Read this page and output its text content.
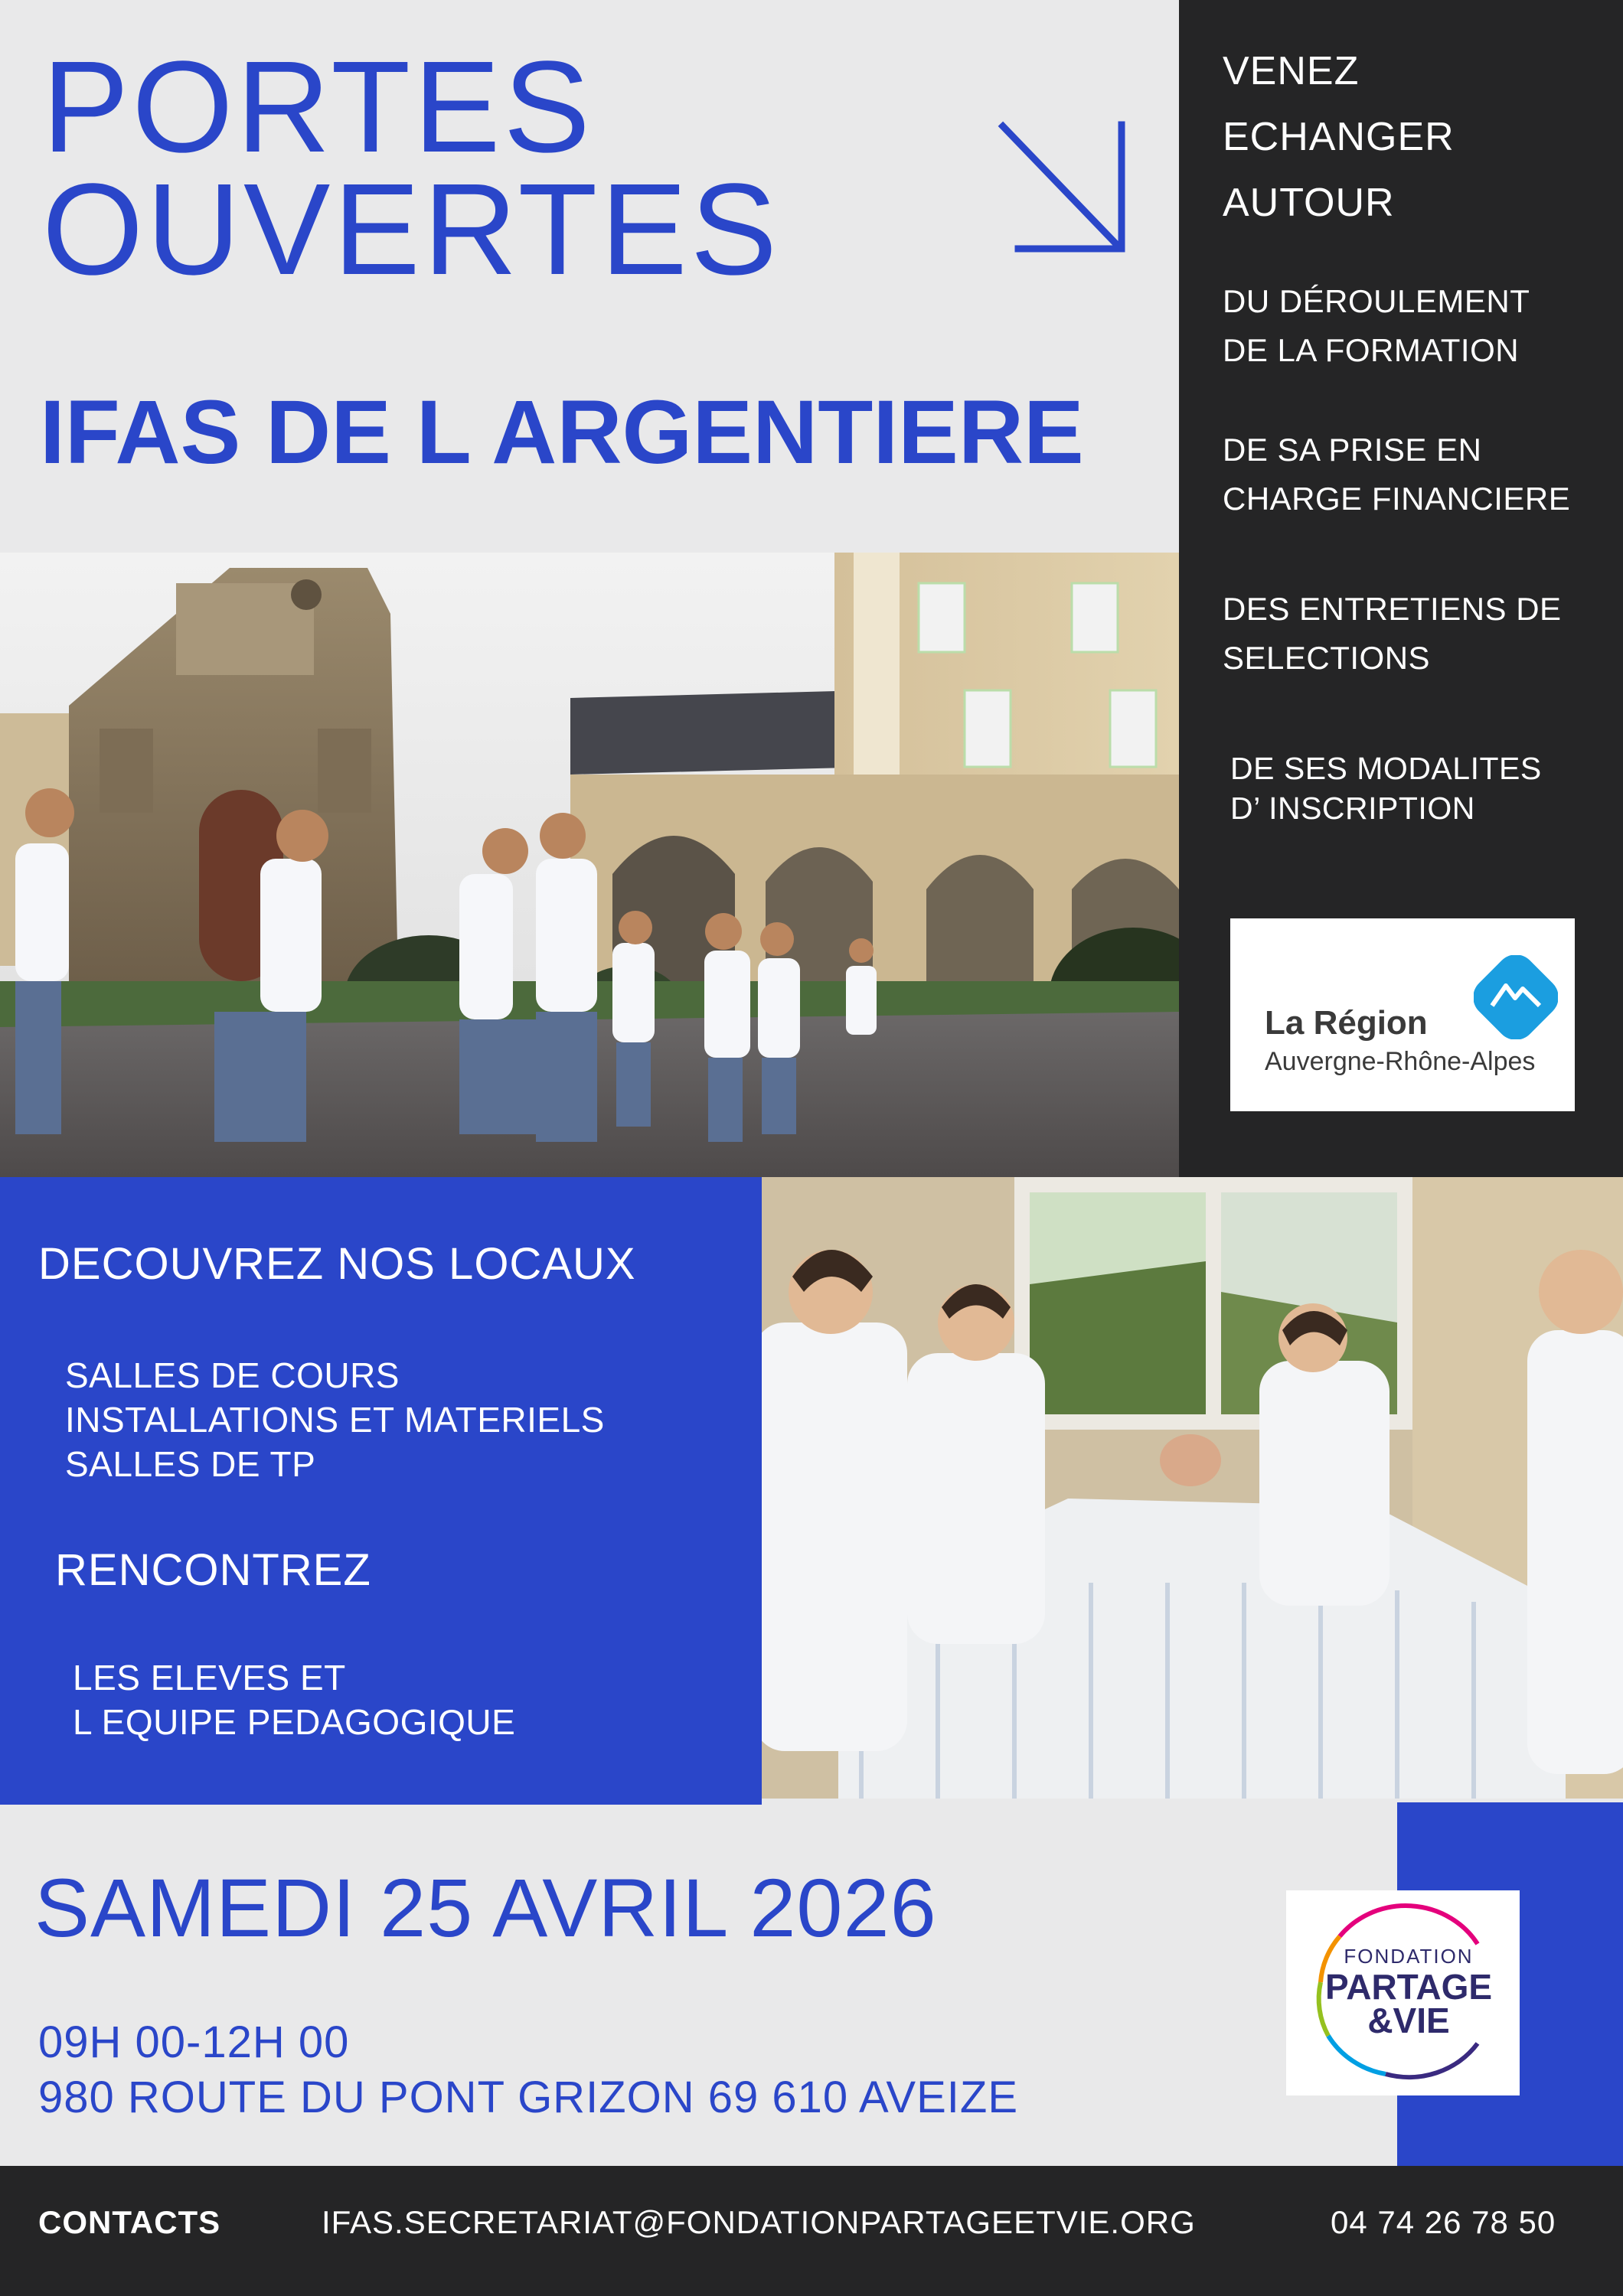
PORTES
OUVERTES
IFAS DE L ARGENTIERE
VENEZ
ECHANGER
AUTOUR
DU DÉROULEMENT
DE LA FORMATION
DE SA PRISE EN
CHARGE FINANCIERE
DES ENTRETIENS DE
SELECTIONS
DE SES MODALITES
D’ INSCRIPTION
La Région
Auvergne-Rhône-Alpes
DECOUVREZ NOS LOCAUX
SALLES DE COURS
INSTALLATIONS ET MATERIELS
SALLES DE TP
RENCONTREZ
LES ELEVES ET
L EQUIPE PEDAGOGIQUE
SAMEDI 25 AVRIL 2026
09H 00-12H 00
980 ROUTE DU PONT GRIZON 69 610 AVEIZE
FONDATION
PARTAGE
&VIE
CONTACTS	IFAS.SECRETARIAT@FONDATIONPARTAGEETVIE.ORG	04 74 26 78 50
